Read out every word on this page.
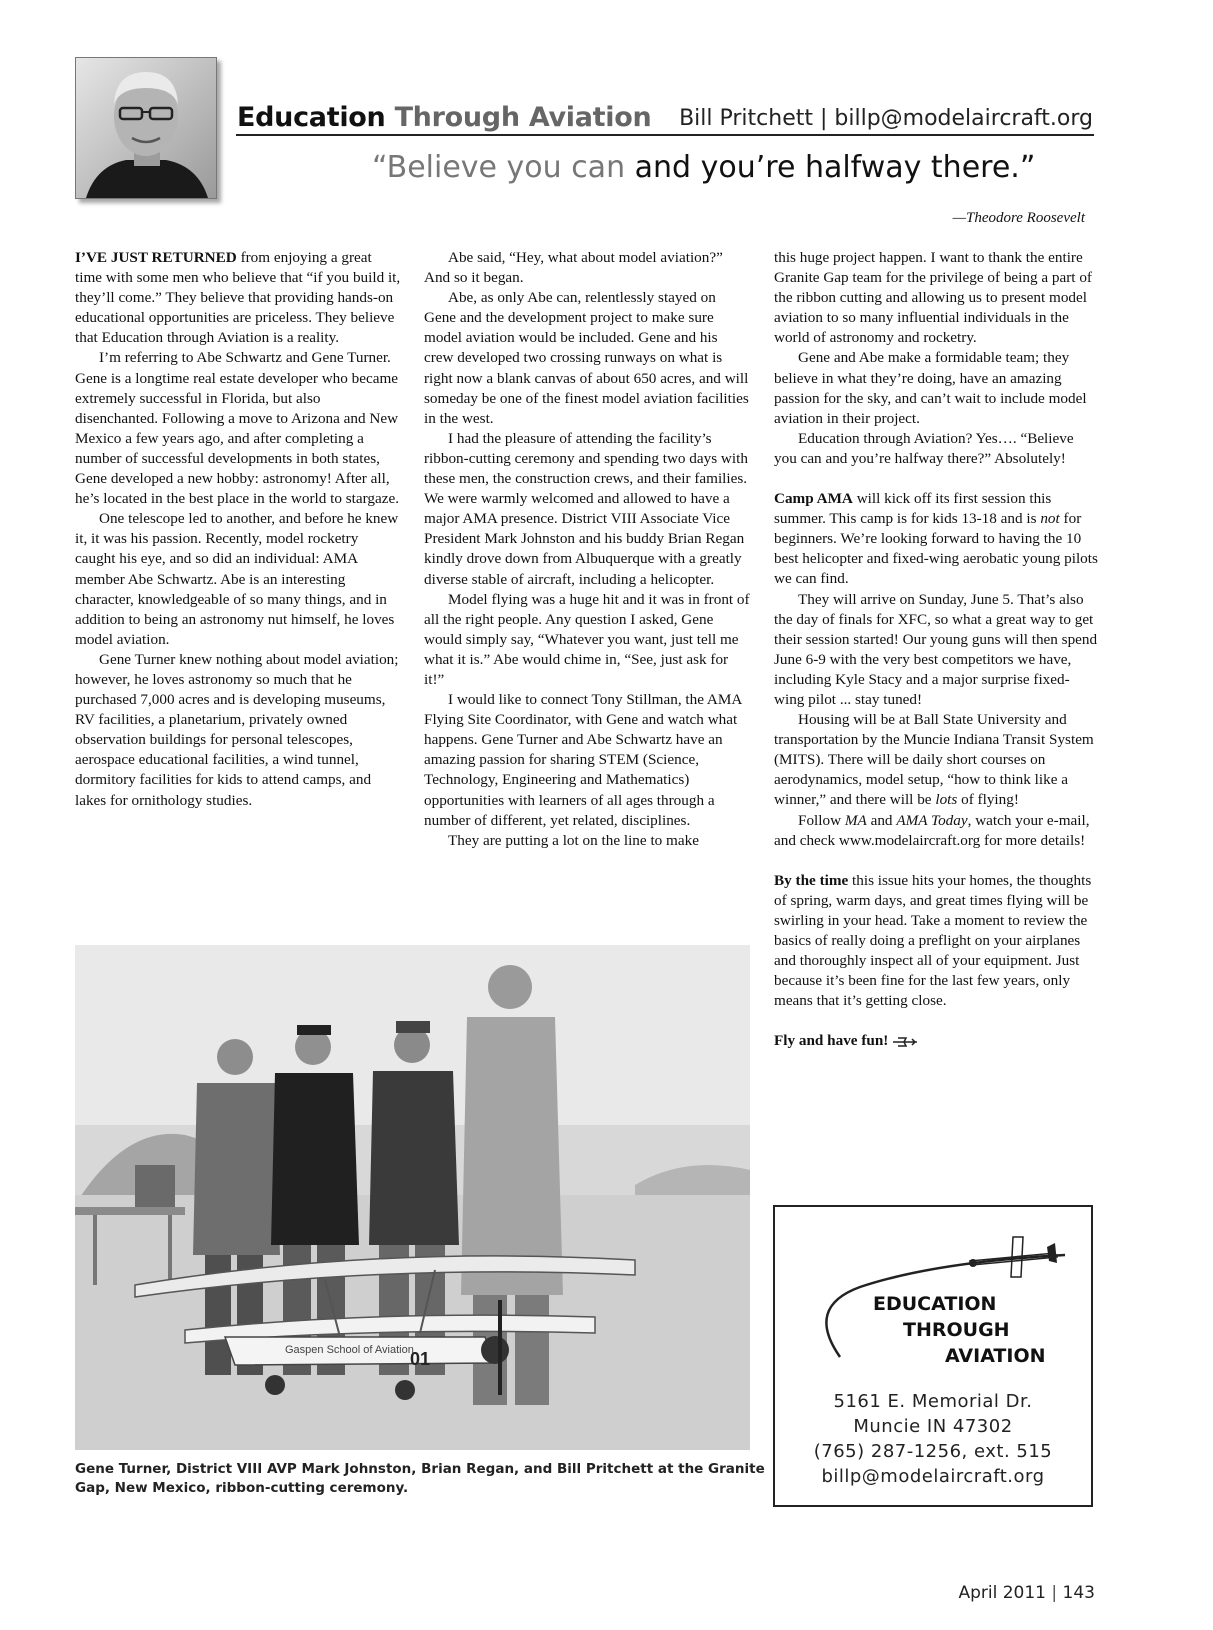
Education Through Aviation Bill Pritchett | billp@modelaircraft.org
“Believe you can and you’re halfway there.”
—Theodore Roosevelt

I’VE JUST RETURNED from enjoying a great time with some men who believe that “if you build it, they’ll come.” They believe that providing hands-on educational opportunities are priceless. They believe that Education through Aviation is a reality.

I’m referring to Abe Schwartz and Gene Turner. Gene is a longtime real estate developer who became extremely successful in Florida, but also disenchanted. Following a move to Arizona and New Mexico a few years ago, and after completing a number of successful developments in both states, Gene developed a new hobby: astronomy! After all, he’s located in the best place in the world to stargaze.

One telescope led to another, and before he knew it, it was his passion. Recently, model rocketry caught his eye, and so did an individual: AMA member Abe Schwartz. Abe is an interesting character, knowledgeable of so many things, and in addition to being an astronomy nut himself, he loves model aviation.

Gene Turner knew nothing about model aviation; however, he loves astronomy so much that he purchased 7,000 acres and is developing museums, RV facilities, a planetarium, privately owned observation buildings for personal telescopes, aerospace educational facilities, a wind tunnel, dormitory facilities for kids to attend camps, and lakes for ornithology studies.

Abe said, “Hey, what about model aviation?” And so it began.

Abe, as only Abe can, relentlessly stayed on Gene and the development project to make sure model aviation would be included. Gene and his crew developed two crossing runways on what is right now a blank canvas of about 650 acres, and will someday be one of the finest model aviation facilities in the west.

I had the pleasure of attending the facility’s ribbon-cutting ceremony and spending two days with these men, the construction crews, and their families. We were warmly welcomed and allowed to have a major AMA presence. District VIII Associate Vice President Mark Johnston and his buddy Brian Regan kindly drove down from Albuquerque with a greatly diverse stable of aircraft, including a helicopter.

Model flying was a huge hit and it was in front of all the right people. Any question I asked, Gene would simply say, “Whatever you want, just tell me what it is.” Abe would chime in, “See, just ask for it!”

I would like to connect Tony Stillman, the AMA Flying Site Coordinator, with Gene and watch what happens. Gene Turner and Abe Schwartz have an amazing passion for sharing STEM (Science, Technology, Engineering and Mathematics) opportunities with learners of all ages through a number of different, yet related, disciplines.

They are putting a lot on the line to make

this huge project happen. I want to thank the entire Granite Gap team for the privilege of being a part of the ribbon cutting and allowing us to present model aviation to so many influential individuals in the world of astronomy and rocketry.

Gene and Abe make a formidable team; they believe in what they’re doing, have an amazing passion for the sky, and can’t wait to include model aviation in their project.

Education through Aviation? Yes…. “Believe you can and you’re halfway there?” Absolutely!

Camp AMA will kick off its first session this summer. This camp is for kids 13-18 and is not for beginners. We’re looking forward to having the 10 best helicopter and fixed-wing aerobatic young pilots we can find.

They will arrive on Sunday, June 5. That’s also the day of finals for XFC, so what a great way to get their session started! Our young guns will then spend June 6-9 with the very best competitors we have, including Kyle Stacy and a major surprise fixed-wing pilot ... stay tuned!

Housing will be at Ball State University and transportation by the Muncie Indiana Transit System (MITS). There will be daily short courses on aerodynamics, model setup, “how to think like a winner,” and there will be lots of flying!

Follow MA and AMA Today, watch your e-mail, and check www.modelaircraft.org for more details!

By the time this issue hits your homes, the thoughts of spring, warm days, and great times flying will be swirling in your head. Take a moment to review the basics of really doing a preflight on your airplanes and thoroughly inspect all of your equipment. Just because it’s been fine for the last few years, only means that it’s getting close.

Fly and have fun!

Gaspen School of Aviation
01
Gene Turner, District VIII AVP Mark Johnston, Brian Regan, and Bill Pritchett at the Granite Gap, New Mexico, ribbon-cutting ceremony.
EDUCATION
THROUGH
AVIATION
5161 E. Memorial Dr.
Muncie IN 47302
(765) 287-1256, ext. 515
billp@modelaircraft.org
April 2011 | 143
